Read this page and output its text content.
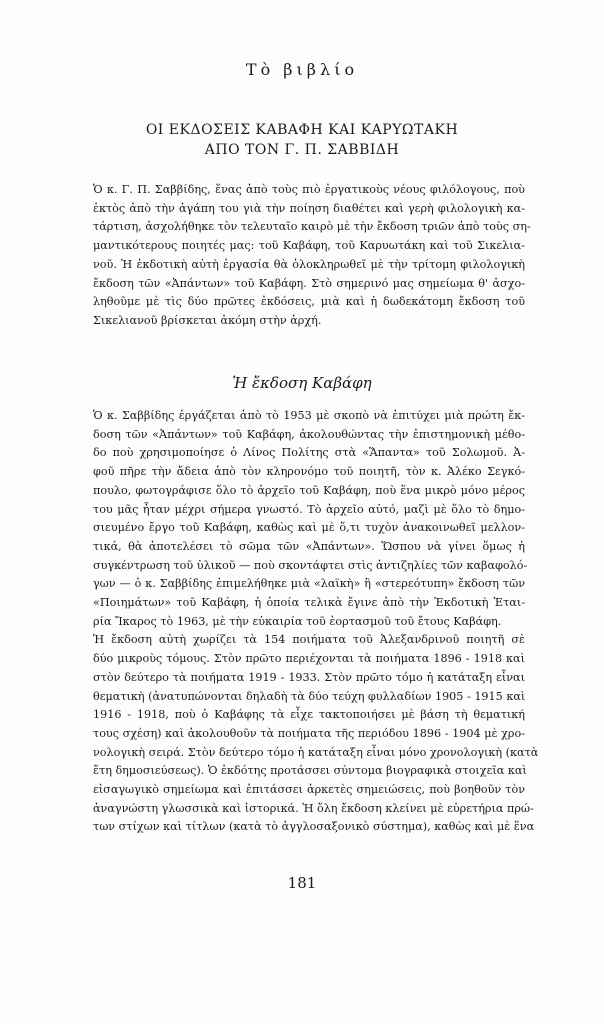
Τὸ βιβλίο
ΟΙ ΕΚΔΟΣΕΙΣ ΚΑΒΑΦΗ ΚΑΙ ΚΑΡΥΩΤΑΚΗ
ΑΠΟ ΤΟΝ Γ. Π. ΣΑΒΒΙΔΗ
Ὁ κ. Γ. Π. Σαββίδης, ἕνας ἀπὸ τοὺς πιὸ ἐργατικοὺς νέους φιλόλογους, ποὺ
ἐκτὸς ἀπὸ τὴν ἀγάπη του γιὰ τὴν ποίηση διαθέτει καὶ γερὴ φιλολογικὴ κα-
τάρτιση, ἀσχολήθηκε τὸν τελευταῖο καιρὸ μὲ τὴν ἔκδοση τριῶν ἀπὸ τοὺς ση-
μαντικότερους ποιητές μας: τοῦ Καβάφη, τοῦ Καρυωτάκη καὶ τοῦ Σικελια-
νοῦ. Ἡ ἐκδοτικὴ αὐτὴ ἐργασία θὰ ὁλοκληρωθεῖ μὲ τὴν τρίτομη φιλολογικὴ
ἔκδοση τῶν «Ἀπάντων» τοῦ Καβάφη. Στὸ σημερινό μας σημείωμα θ' ἀσχο-
ληθοῦμε μὲ τὶς δύο πρῶτες ἐκδόσεις, μιὰ καὶ ἡ δωδεκάτομη ἔκδοση τοῦ
Σικελιανοῦ βρίσκεται ἀκόμη στὴν ἀρχή.
Ἡ ἔκδοση Καβάφη
Ὁ κ. Σαββίδης ἐργάζεται ἀπὸ τὸ 1953 μὲ σκοπὸ νὰ ἐπιτύχει μιὰ πρώτη ἔκ-
δοση τῶν «Ἀπάντων» τοῦ Καβάφη, ἀκολουθώντας τὴν ἐπιστημονικὴ μέθο-
δο ποὺ χρησιμοποίησε ὁ Λίνος Πολίτης στὰ «Ἅπαντα» τοῦ Σολωμοῦ. Ἀ-
φοῦ πῆρε τὴν ἄδεια ἀπὸ τὸν κληρονόμο τοῦ ποιητῆ, τὸν κ. Ἀλέκο Σεγκό-
πουλο, φωτογράφισε ὅλο τὸ ἀρχεῖο τοῦ Καβάφη, ποὺ ἕνα μικρὸ μόνο μέρος
του μᾶς ἦταν μέχρι σήμερα γνωστό. Τὸ ἀρχεῖο αὐτό, μαζὶ μὲ ὅλο τὸ δημο-
σιευμένο ἔργο τοῦ Καβάφη, καθὼς καὶ μὲ ὅ,τι τυχὸν ἀνακοινωθεῖ μελλον-
τικά, θὰ ἀποτελέσει τὸ σῶμα τῶν «Ἀπάντων». Ὥσπου νὰ γίνει ὅμως ἡ
συγκέντρωση τοῦ ὑλικοῦ — ποὺ σκοντάφτει στὶς ἀντιζηλίες τῶν καβαφολό-
γων — ὁ κ. Σαββίδης ἐπιμελήθηκε μιὰ «λαϊκὴ» ἢ «στερεότυπη» ἔκδοση τῶν
«Ποιημάτων» τοῦ Καβάφη, ἡ ὁποία τελικὰ ἔγινε ἀπὸ τὴν Ἐκδοτικὴ Ἑται-
ρία Ἴκαρος τὸ 1963, μὲ τὴν εὐκαιρία τοῦ ἑορτασμοῦ τοῦ ἔτους Καβάφη.
Ἡ ἔκδοση αὐτὴ χωρίζει τὰ 154 ποιήματα τοῦ Ἀλεξανδρινοῦ ποιητῆ σὲ
δύο μικροὺς τόμους. Στὸν πρῶτο περιέχονται τὰ ποιήματα 1896 - 1918 καὶ
στὸν δεύτερο τὰ ποιήματα 1919 - 1933. Στὸν πρῶτο τόμο ἡ κατάταξη εἶναι
θεματικὴ (ἀνατυπώνονται δηλαδὴ τὰ δύο τεύχη φυλλαδίων 1905 - 1915 καὶ
1916 - 1918, ποὺ ὁ Καβάφης τὰ εἶχε τακτοποιήσει μὲ βάση τὴ θεματική
τους σχέση) καὶ ἀκολουθοῦν τὰ ποιήματα τῆς περιόδου 1896 - 1904 μὲ χρο-
νολογικὴ σειρά. Στὸν δεύτερο τόμο ἡ κατάταξη εἶναι μόνο χρονολογικὴ (κατὰ
ἔτη δημοσιεύσεως). Ὁ ἐκδότης προτάσσει σύντομα βιογραφικὰ στοιχεῖα καὶ
εἰσαγωγικὸ σημείωμα καὶ ἐπιτάσσει ἀρκετὲς σημειώσεις, ποὺ βοηθοῦν τὸν
ἀναγνώστη γλωσσικὰ καὶ ἱστορικά. Ἡ ὅλη ἔκδοση κλείνει μὲ εὑρετήρια πρώ-
των στίχων καὶ τίτλων (κατὰ τὸ ἀγγλοσαξονικὸ σύστημα), καθὼς καὶ μὲ ἕνα
181
